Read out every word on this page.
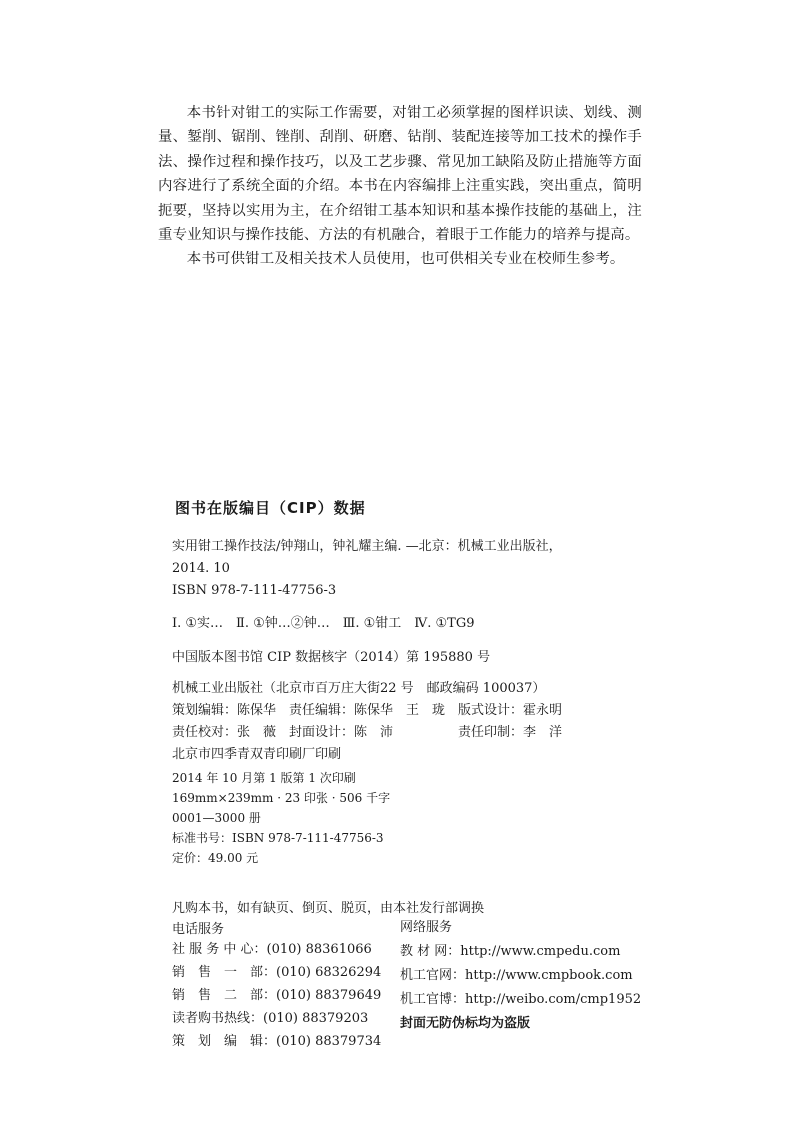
本书针对钳工的实际工作需要，对钳工必须掌握的图样识读、划线、测量、錾削、锯削、锉削、刮削、研磨、钻削、装配连接等加工技术的操作手法、操作过程和操作技巧，以及工艺步骤、常见加工缺陷及防止措施等方面内容进行了系统全面的介绍。本书在内容编排上注重实践，突出重点，简明扼要，坚持以实用为主，在介绍钳工基本知识和基本操作技能的基础上，注重专业知识与操作技能、方法的有机融合，着眼于工作能力的培养与提高。

本书可供钳工及相关技术人员使用，也可供相关专业在校师生参考。

图书在版编目（CIP）数据
实用钳工操作技法/钟翔山，钟礼耀主编. —北京：机械工业出版社，
2014. 10
ISBN 978-7-111-47756-3
Ⅰ. ①实…　Ⅱ. ①钟…②钟…　Ⅲ. ①钳工　Ⅳ. ①TG9
中国版本图书馆 CIP 数据核字（2014）第 195880 号
机械工业出版社（北京市百万庄大街22 号　邮政编码 100037）
策划编辑：陈保华　责任编辑：陈保华　王　珑　版式设计：霍永明
责任校对：张　薇　封面设计：陈　沛　　　　　责任印制：李　洋
北京市四季青双青印刷厂印刷
2014 年 10 月第 1 版第 1 次印刷
169mm×239mm · 23 印张 · 506 千字
0001—3000 册
标准书号：ISBN 978-7-111-47756-3
定价：49.00 元
凡购本书，如有缺页、倒页、脱页，由本社发行部调换
电话服务
社 服 务 中 心：(010) 88361066
销　售　一　部：(010) 68326294
销　售　二　部：(010) 88379649
读者购书热线：(010) 88379203
策　划　编　辑：(010) 88379734
网络服务
教 材 网：http://www.cmpedu.com
机工官网：http://www.cmpbook.com
机工官博：http://weibo.com/cmp1952
封面无防伪标均为盗版
